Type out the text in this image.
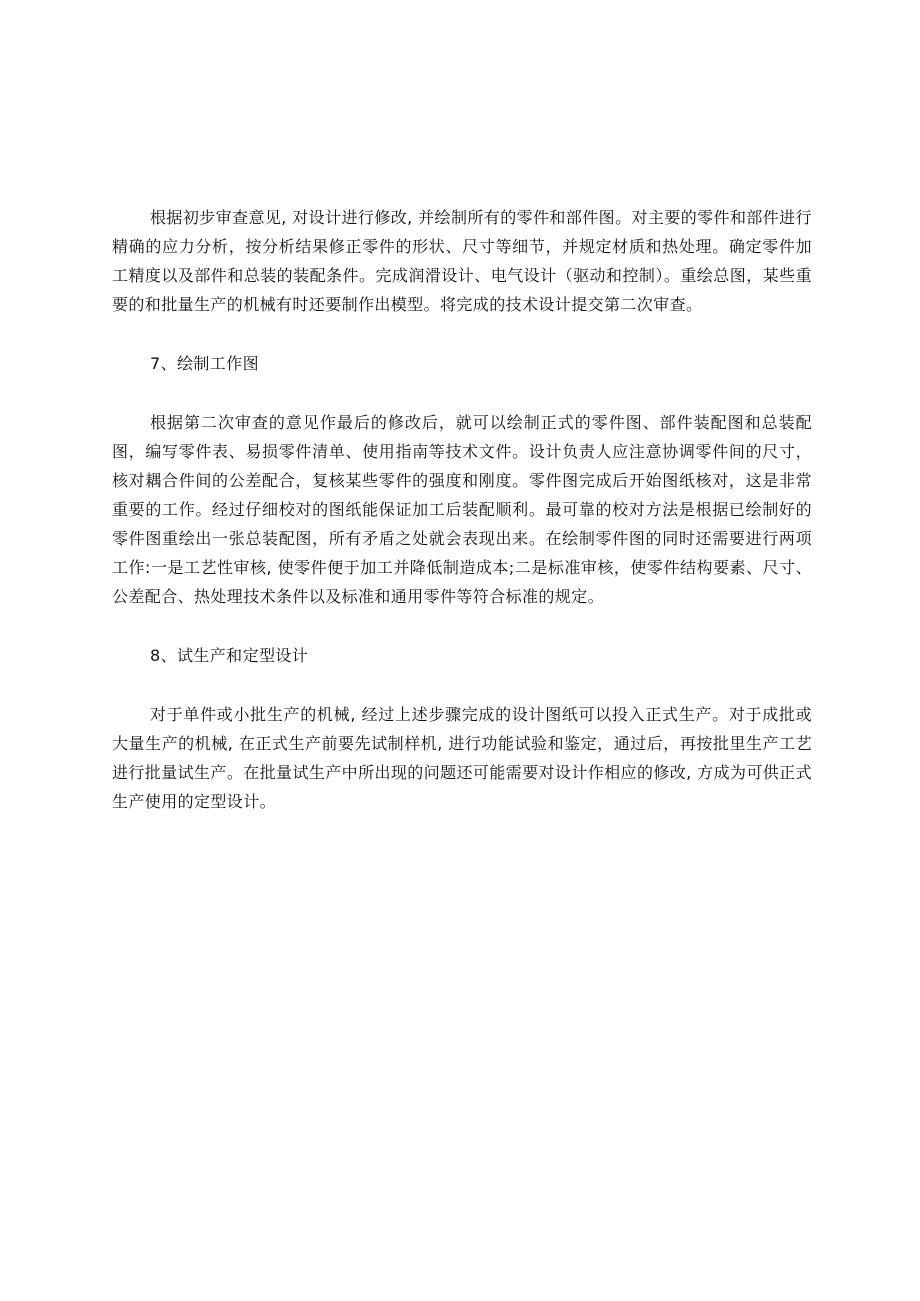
根据初步审查意见, 对设计进行修改, 并绘制所有的零件和部件图。对主要的零件和部件进行精确的应力分析，按分析结果修正零件的形状、尺寸等细节，并规定材质和热处理。确定零件加工精度以及部件和总装的装配条件。完成润滑设计、电气设计（驱动和控制）。重绘总图，某些重要的和批量生产的机械有时还要制作出模型。将完成的技术设计提交第二次审查。

7、绘制工作图

根据第二次审查的意见作最后的修改后，就可以绘制正式的零件图、部件装配图和总装配图，编写零件表、易损零件清单、使用指南等技术文件。设计负责人应注意协调零件间的尺寸，核对耦合件间的公差配合，复核某些零件的强度和刚度。零件图完成后开始图纸核对，这是非常重要的工作。经过仔细校对的图纸能保证加工后装配顺利。最可靠的校对方法是根据已绘制好的零件图重绘出一张总装配图，所有矛盾之处就会表现出来。在绘制零件图的同时还需要进行两项工作:一是工艺性审核, 使零件便于加工并降低制造成本;二是标准审核，使零件结构要素、尺寸、公差配合、热处理技术条件以及标准和通用零件等符合标准的规定。

8、试生产和定型设计

对于单件或小批生产的机械, 经过上述步骤完成的设计图纸可以投入正式生产。对于成批或大量生产的机械, 在正式生产前要先试制样机, 进行功能试验和鉴定，通过后，再按批里生产工艺进行批量试生产。在批量试生产中所出现的问题还可能需要对设计作相应的修改, 方成为可供正式生产使用的定型设计。
